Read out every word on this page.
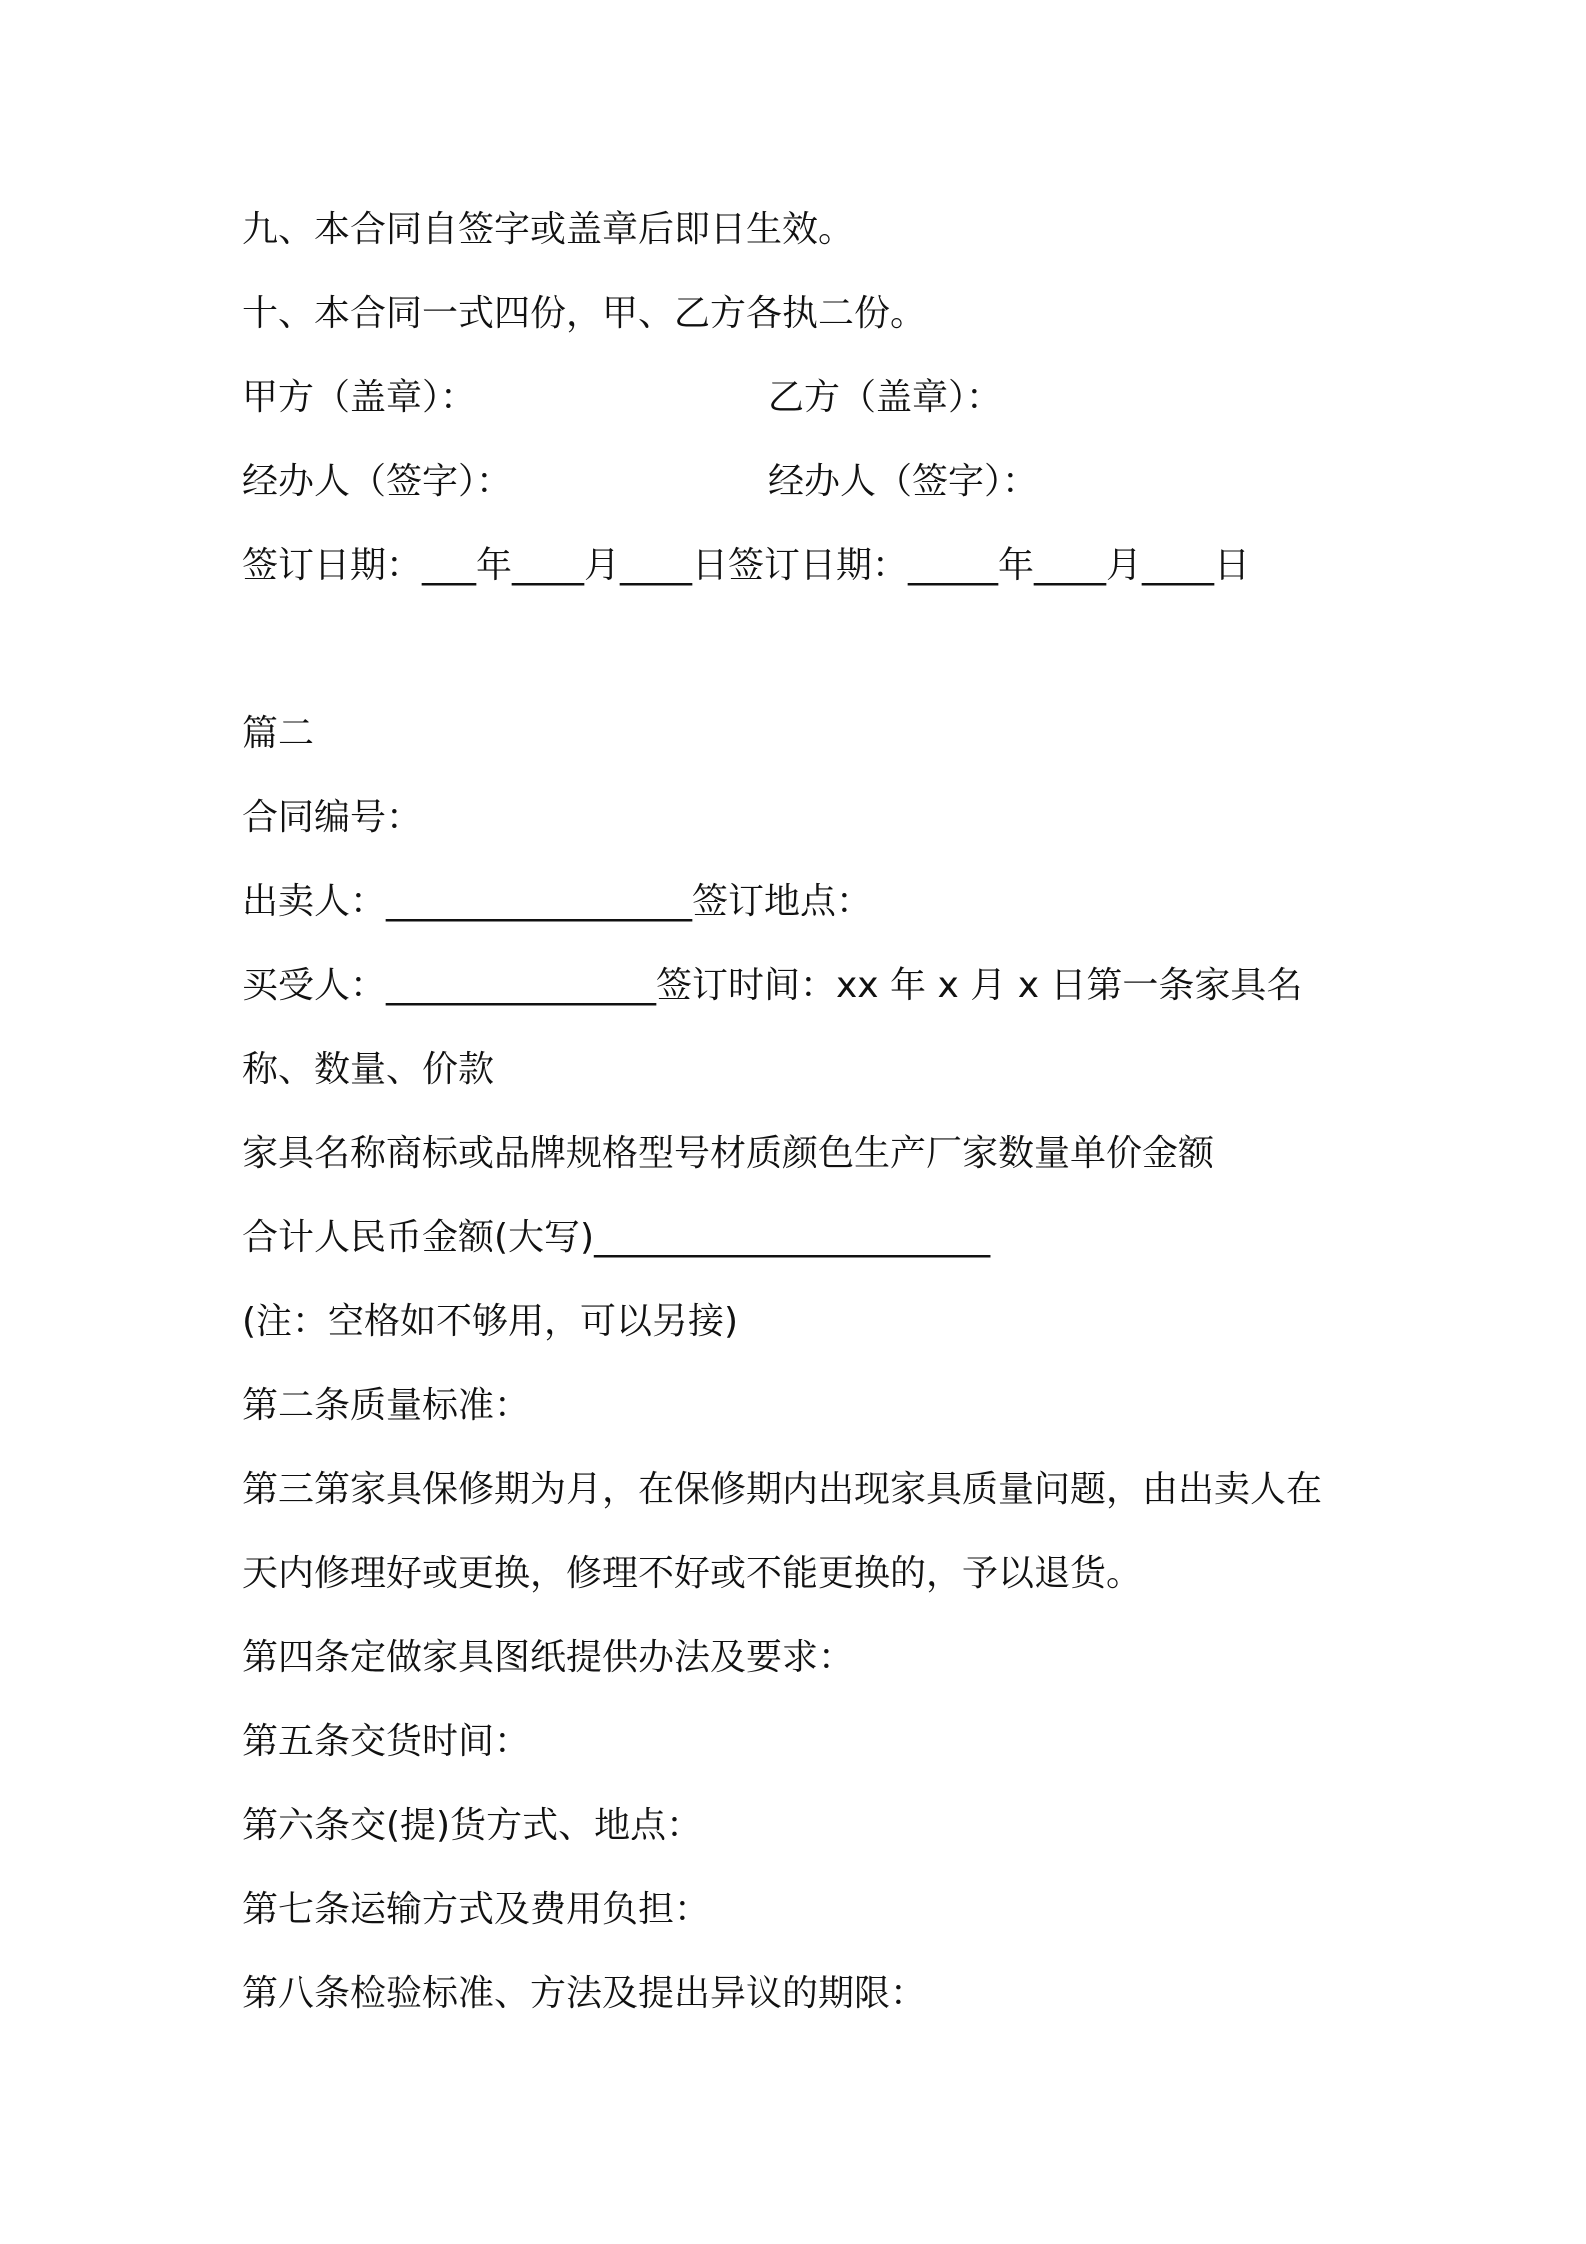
九、本合同自签字或盖章后即日生效。

十、本合同一式四份，甲、乙方各执二份。

甲方（盖章）：	乙方（盖章）：
经办人（签字）：	经办人（签字）：

签订日期：___年____月____日签订日期：_____年____月____日

篇二

合同编号：

出卖人：_________________签订地点：

买受人：_______________签订时间：xx 年 x 月 x 日第一条家具名

称、数量、价款

家具名称商标或品牌规格型号材质颜色生产厂家数量单价金额

合计人民币金额(大写)______________________

(注：空格如不够用，可以另接)

第二条质量标准：

第三第家具保修期为月，在保修期内出现家具质量问题，由出卖人在

天内修理好或更换，修理不好或不能更换的，予以退货。

第四条定做家具图纸提供办法及要求：

第五条交货时间：

第六条交(提)货方式、地点：

第七条运输方式及费用负担：

第八条检验标准、方法及提出异议的期限：
